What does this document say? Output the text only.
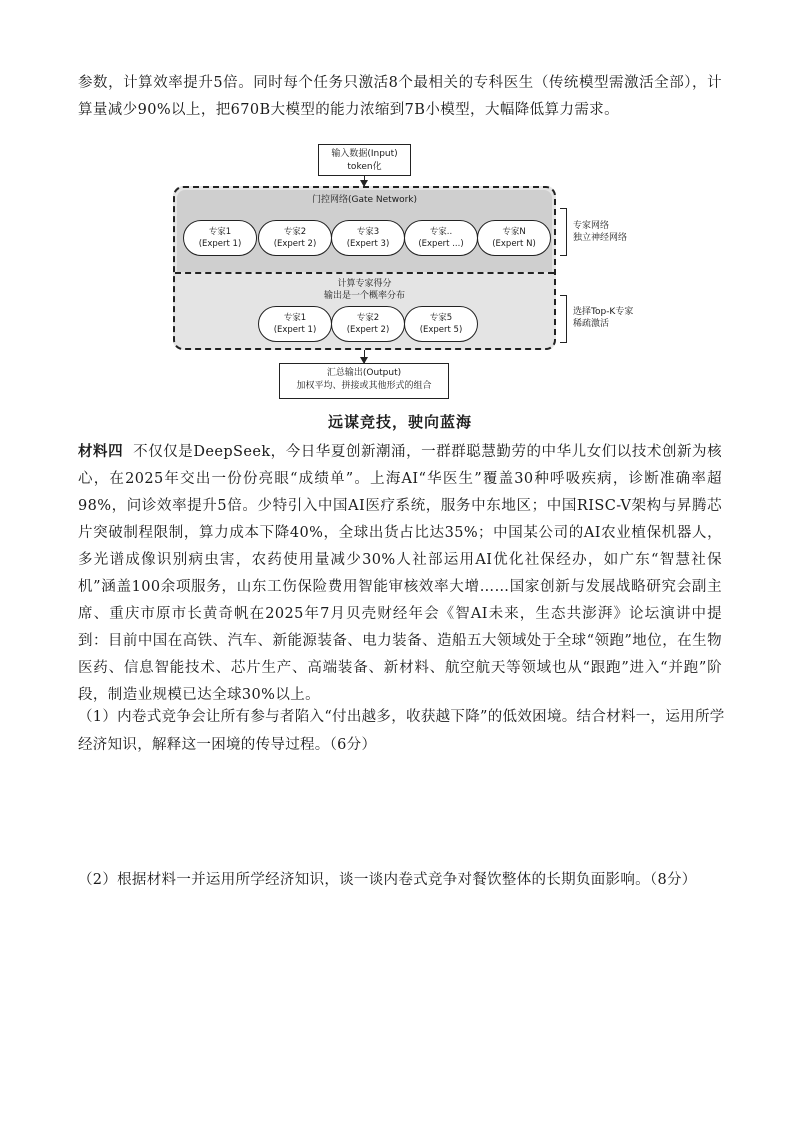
参数，计算效率提升5倍。同时每个任务只激活8个最相关的专科医生（传统模型需激活全部），计算量减少90%以上，把670B大模型的能力浓缩到7B小模型，大幅降低算力需求。

输入数据(Input)
token化
门控网络(Gate Network)
专家1
(Expert 1)
专家2
(Expert 2)
专家3
(Expert 3)
专家..
(Expert ...)
专家N
(Expert N)
计算专家得分
输出是一个概率分布
专家1
(Expert 1)
专家2
(Expert 2)
专家5
(Expert 5)
专家网络
独立神经网络
选择Top-K专家
稀疏激活
汇总输出(Output)
加权平均、拼接或其他形式的组合
远谋竞技，驶向蓝海

材料四 不仅仅是DeepSeek，今日华夏创新潮涌，一群群聪慧勤劳的中华儿女们以技术创新为核心，在2025年交出一份份亮眼“成绩单”。上海AI“华医生”覆盖30种呼吸疾病，诊断准确率超98%，问诊效率提升5倍。少特引入中国AI医疗系统，服务中东地区；中国RISC-V架构与昇腾芯片突破制程限制，算力成本下降40%，全球出货占比达35%；中国某公司的AI农业植保机器人，多光谱成像识别病虫害，农药使用量减少30%人社部运用AI优化社保经办，如广东“智慧社保机”涵盖100余项服务，山东工伤保险费用智能审核效率大增……国家创新与发展战略研究会副主席、重庆市原市长黄奇帆在2025年7月贝壳财经年会《智AI未来，生态共澎湃》论坛演讲中提到：目前中国在高铁、汽车、新能源装备、电力装备、造船五大领域处于全球“领跑”地位，在生物医药、信息智能技术、芯片生产、高端装备、新材料、航空航天等领域也从“跟跑”进入“并跑”阶段，制造业规模已达全球30%以上。

（1）内卷式竞争会让所有参与者陷入“付出越多，收获越下降”的低效困境。结合材料一，运用所学经济知识，解释这一困境的传导过程。（6分）

（2）根据材料一并运用所学经济知识，谈一谈内卷式竞争对餐饮整体的长期负面影响。（8分）
